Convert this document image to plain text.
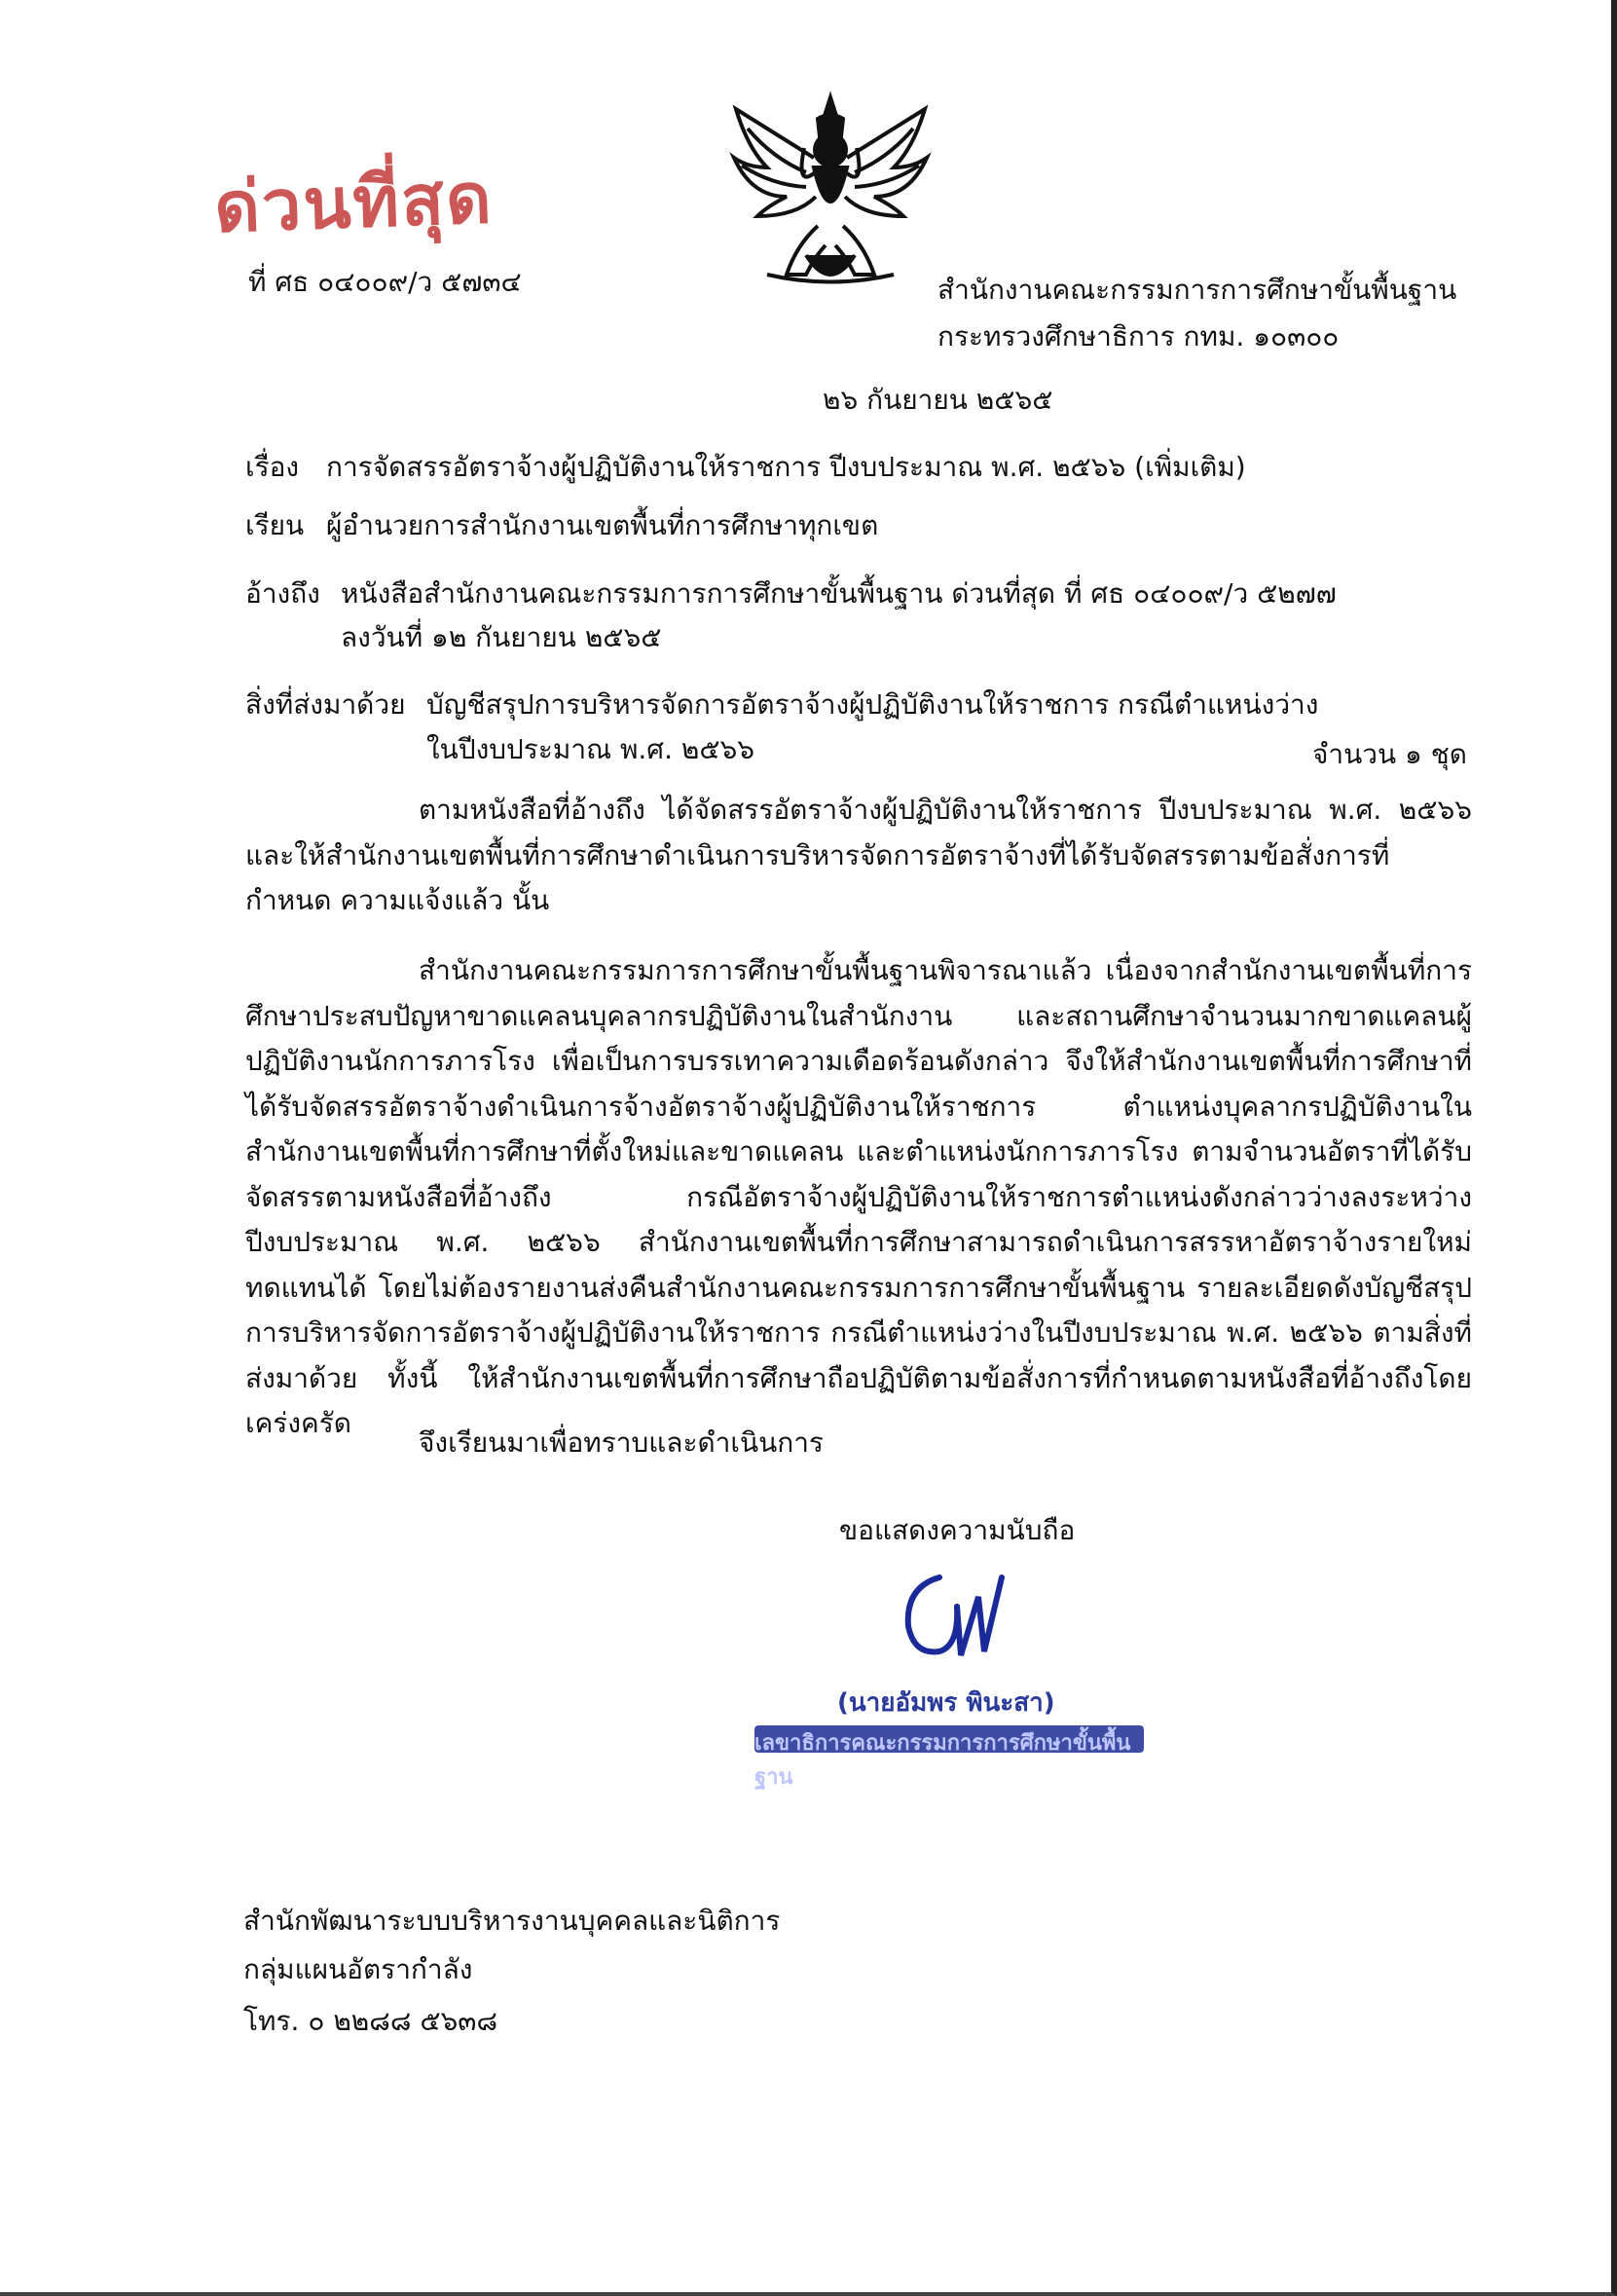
ด่วนที่สุด
ที่ ศธ ๐๔๐๐๙/ว ๕๗๓๔	สำนักงานคณะกรรมการการศึกษาขั้นพื้นฐาน
กระทรวงศึกษาธิการ กทม. ๑๐๓๐๐
๒๖ กันยายน ๒๕๖๕
เรื่อง การจัดสรรอัตราจ้างผู้ปฏิบัติงานให้ราชการ ปีงบประมาณ พ.ศ. ๒๕๖๖ (เพิ่มเติม)
เรียน ผู้อำนวยการสำนักงานเขตพื้นที่การศึกษาทุกเขต
อ้างถึง หนังสือสำนักงานคณะกรรมการการศึกษาขั้นพื้นฐาน ด่วนที่สุด ที่ ศธ ๐๔๐๐๙/ว ๕๒๗๗
ลงวันที่ ๑๒ กันยายน ๒๕๖๕
สิ่งที่ส่งมาด้วย บัญชีสรุปการบริหารจัดการอัตราจ้างผู้ปฏิบัติงานให้ราชการ กรณีตำแหน่งว่าง
ในปีงบประมาณ พ.ศ. ๒๕๖๖	จำนวน ๑ ชุด
ตามหนังสือที่อ้างถึง ได้จัดสรรอัตราจ้างผู้ปฏิบัติงานให้ราชการ ปีงบประมาณ พ.ศ. ๒๕๖๖ และให้สำนักงานเขตพื้นที่การศึกษาดำเนินการบริหารจัดการอัตราจ้างที่ได้รับจัดสรรตามข้อสั่งการที่กำหนด ความแจ้งแล้ว นั้น
สำนักงานคณะกรรมการการศึกษาขั้นพื้นฐานพิจารณาแล้ว เนื่องจากสำนักงานเขตพื้นที่การศึกษาประสบปัญหาขาดแคลนบุคลากรปฏิบัติงานในสำนักงาน และสถานศึกษาจำนวนมากขาดแคลนผู้ปฏิบัติงานนักการภารโรง เพื่อเป็นการบรรเทาความเดือดร้อนดังกล่าว จึงให้สำนักงานเขตพื้นที่การศึกษาที่ได้รับจัดสรรอัตราจ้างดำเนินการจ้างอัตราจ้างผู้ปฏิบัติงานให้ราชการ ตำแหน่งบุคลากรปฏิบัติงานในสำนักงานเขตพื้นที่การศึกษาที่ตั้งใหม่และขาดแคลน และตำแหน่งนักการภารโรง ตามจำนวนอัตราที่ได้รับจัดสรรตามหนังสือที่อ้างถึง กรณีอัตราจ้างผู้ปฏิบัติงานให้ราชการตำแหน่งดังกล่าวว่างลงระหว่างปีงบประมาณ พ.ศ. ๒๕๖๖ สำนักงานเขตพื้นที่การศึกษาสามารถดำเนินการสรรหาอัตราจ้างรายใหม่ทดแทนได้ โดยไม่ต้องรายงานส่งคืนสำนักงานคณะกรรมการการศึกษาขั้นพื้นฐาน รายละเอียดดังบัญชีสรุปการบริหารจัดการอัตราจ้างผู้ปฏิบัติงานให้ราชการ กรณีตำแหน่งว่างในปีงบประมาณ พ.ศ. ๒๕๖๖ ตามสิ่งที่ส่งมาด้วย ทั้งนี้ ให้สำนักงานเขตพื้นที่การศึกษาถือปฏิบัติตามข้อสั่งการที่กำหนดตามหนังสือที่อ้างถึงโดยเคร่งครัด
จึงเรียนมาเพื่อทราบและดำเนินการ
ขอแสดงความนับถือ
(นายอัมพร พินะสา)
เลขาธิการคณะกรรมการการศึกษาขั้นพื้นฐาน
สำนักพัฒนาระบบบริหารงานบุคคลและนิติการ
กลุ่มแผนอัตรากำลัง
โทร. ๐ ๒๒๘๘ ๕๖๓๘
